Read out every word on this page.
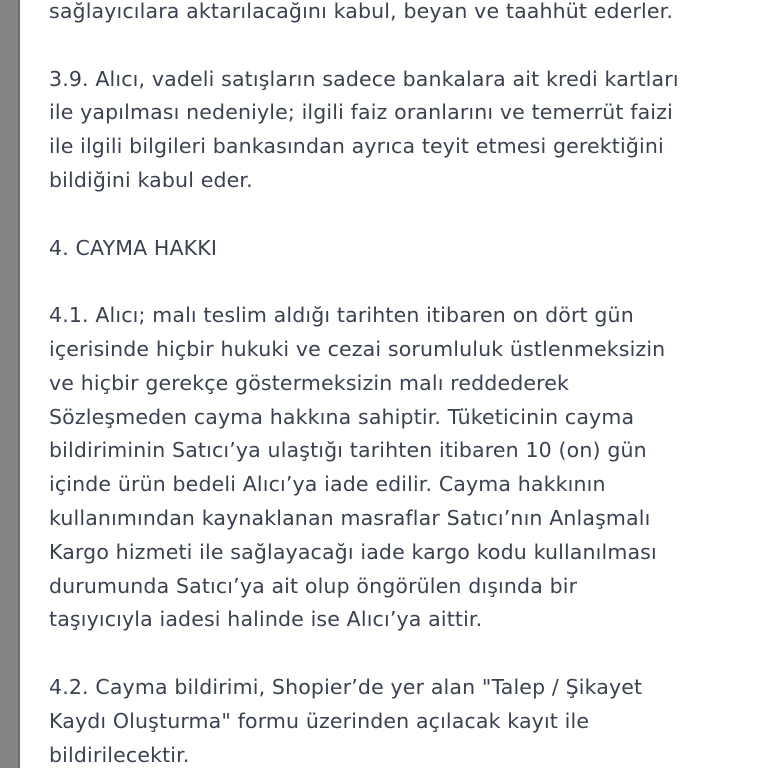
sağlayıcılara aktarılacağını kabul, beyan ve taahhüt ederler.

3.9. Alıcı, vadeli satışların sadece bankalara ait kredi kartları
ile yapılması nedeniyle; ilgili faiz oranlarını ve temerrüt faizi
ile ilgili bilgileri bankasından ayrıca teyit etmesi gerektiğini
bildiğini kabul eder.

4. CAYMA HAKKI

4.1. Alıcı; malı teslim aldığı tarihten itibaren on dört gün
içerisinde hiçbir hukuki ve cezai sorumluluk üstlenmeksizin
ve hiçbir gerekçe göstermeksizin malı reddederek
Sözleşmeden cayma hakkına sahiptir. Tüketicinin cayma
bildiriminin Satıcı’ya ulaştığı tarihten itibaren 10 (on) gün
içinde ürün bedeli Alıcı’ya iade edilir. Cayma hakkının
kullanımından kaynaklanan masraflar Satıcı’nın Anlaşmalı
Kargo hizmeti ile sağlayacağı iade kargo kodu kullanılması
durumunda Satıcı’ya ait olup öngörülen dışında bir
taşıyıcıyla iadesi halinde ise Alıcı’ya aittir.

4.2. Cayma bildirimi, Shopier’de yer alan "Talep / Şikayet
Kaydı Oluşturma" formu üzerinden açılacak kayıt ile
bildirilecektir.
